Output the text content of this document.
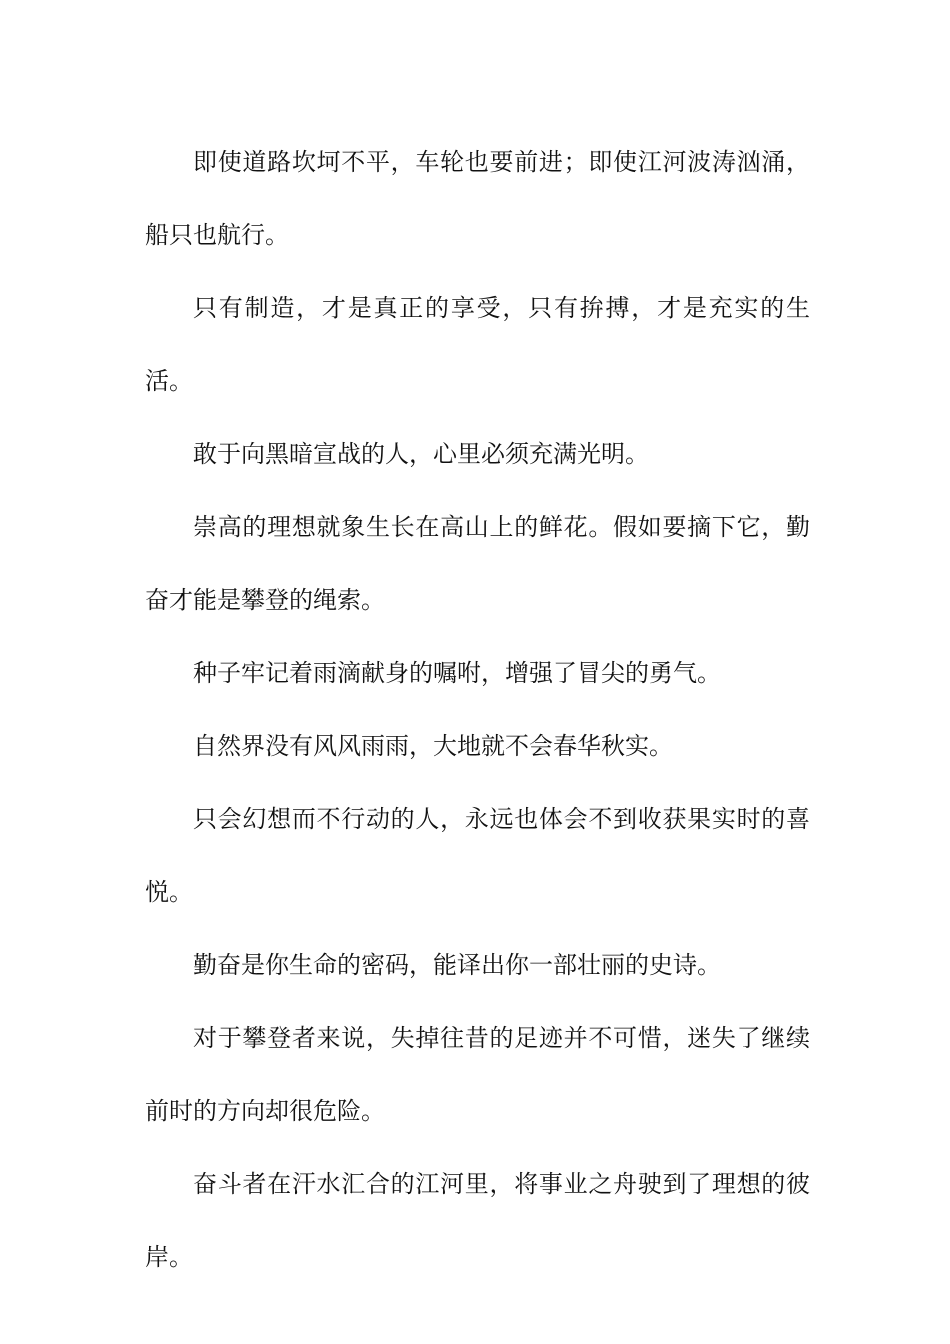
即使道路坎坷不平，车轮也要前进；即使江河波涛汹涌，船只也航行。

只有制造，才是真正的享受，只有拚搏，才是充实的生活。

敢于向黑暗宣战的人，心里必须充满光明。

崇高的理想就象生长在高山上的鲜花。假如要摘下它，勤奋才能是攀登的绳索。

种子牢记着雨滴献身的嘱咐，增强了冒尖的勇气。

自然界没有风风雨雨，大地就不会春华秋实。

只会幻想而不行动的人，永远也体会不到收获果实时的喜悦。

勤奋是你生命的密码，能译出你一部壮丽的史诗。

对于攀登者来说，失掉往昔的足迹并不可惜，迷失了继续前时的方向却很危险。

奋斗者在汗水汇合的江河里，将事业之舟驶到了理想的彼岸。
